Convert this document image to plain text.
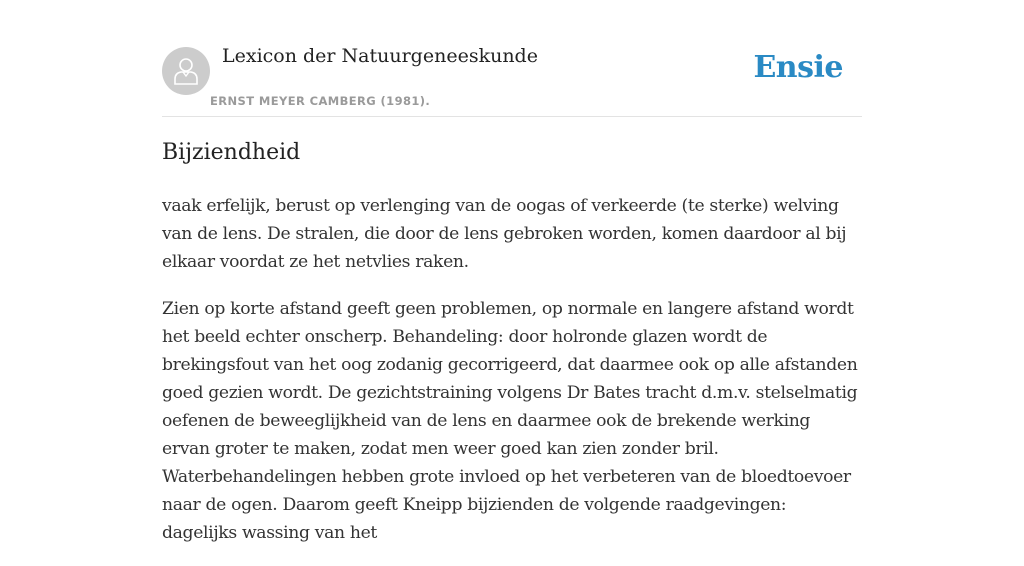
Lexicon der Natuurgeneeskunde
ERNST MEYER CAMBERG (1981).
Ensie
Bijziendheid

vaak erfelijk, berust op verlenging van de oogas of verkeerde (te sterke) welving van de lens. De stralen, die door de lens gebroken worden, komen daardoor al bij elkaar voordat ze het netvlies raken.

Zien op korte afstand geeft geen problemen, op normale en langere afstand wordt het beeld echter onscherp. Behandeling: door holronde glazen wordt de brekingsfout van het oog zodanig gecorrigeerd, dat daarmee ook op alle afstanden goed gezien wordt. De gezichtstraining volgens Dr Bates tracht d.m.v. stelselmatig oefenen de beweeglijkheid van de lens en daarmee ook de brekende werking ervan groter te maken, zodat men weer goed kan zien zonder bril. Waterbehandelingen hebben grote invloed op het verbeteren van de bloedtoevoer naar de ogen. Daarom geeft Kneipp bijzienden de volgende raadgevingen: dagelijks wassing van het
